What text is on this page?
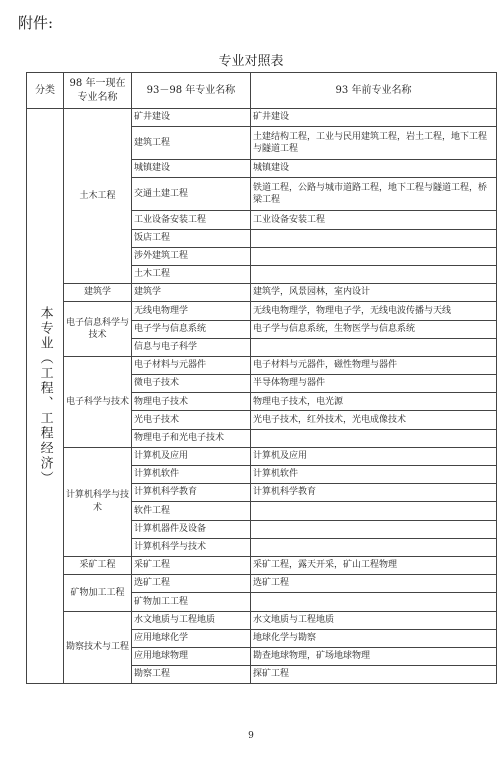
附件:
专业对照表
分类	98 年一现在专业名称	93－98 年专业名称	93 年前专业名称
本专业（工程、工程经济）	土木工程	矿井建设	矿井建设
		建筑工程	土建结构工程，工业与民用建筑工程，岩土工程，地下工程与隧道工程
		城镇建设	城镇建设
		交通土建工程	铁道工程，公路与城市道路工程，地下工程与隧道工程，桥梁工程
		工业设备安装工程	工业设备安装工程
		饭店工程	
		涉外建筑工程	
		土木工程	
	建筑学	建筑学	建筑学，风景园林，室内设计
	电子信息科学与技术	无线电物理学	无线电物理学，物理电子学，无线电波传播与天线
		电子学与信息系统	电子学与信息系统，生物医学与信息系统
		信息与电子科学	
	电子科学与技术	电子材料与元器件	电子材料与元器件，磁性物理与器件
		微电子技术	半导体物理与器件
		物理电子技术	物理电子技术，电光源
		光电子技术	光电子技术，红外技术，光电成像技术
		物理电子和光电子技术	
	计算机科学与技术	计算机及应用	计算机及应用
		计算机软件	计算机软件
		计算机科学教育	计算机科学教育
		软件工程	
		计算机器件及设备	
		计算机科学与技术	
	采矿工程	采矿工程	采矿工程，露天开采，矿山工程物理
	矿物加工工程	选矿工程	选矿工程
		矿物加工工程	
	勘察技术与工程	水文地质与工程地质	水文地质与工程地质
		应用地球化学	地球化学与勘察
		应用地球物理	勘查地球物理，矿场地球物理
		勘察工程	探矿工程
9
